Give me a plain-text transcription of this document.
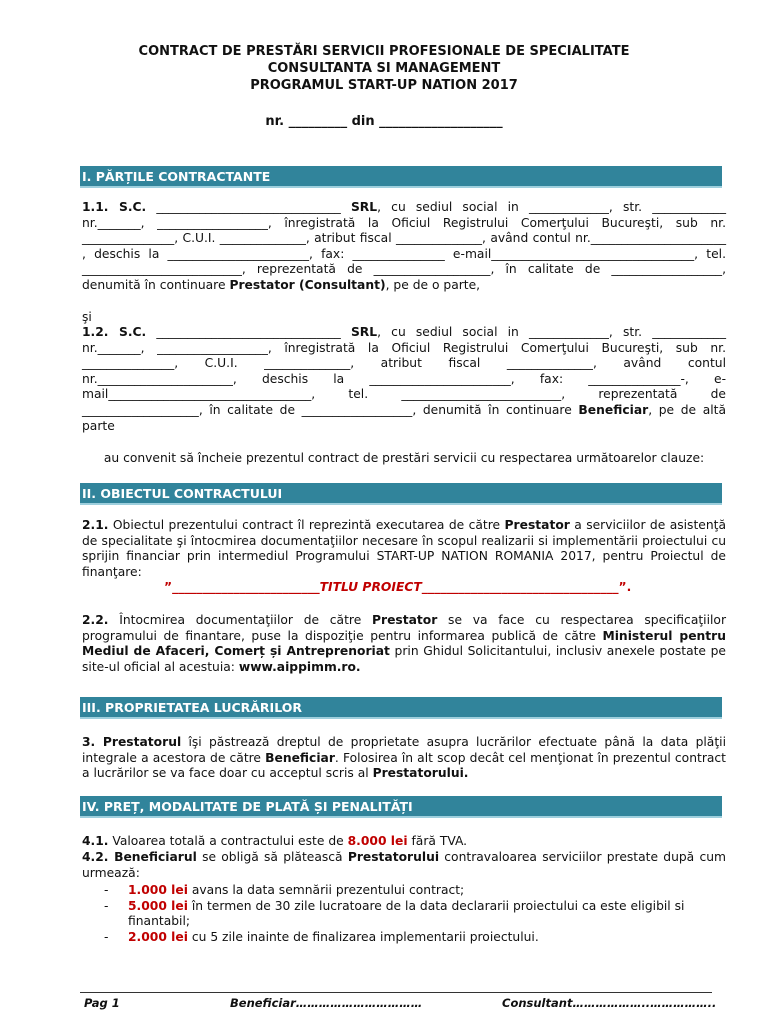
CONTRACT DE PRESTĂRI SERVICII PROFESIONALE DE SPECIALITATE
CONSULTANTA SI MANAGEMENT
PROGRAMUL START-UP NATION 2017
nr. _________ din ___________________
I. PĂRȚILE CONTRACTANTE
1.1. S.C. ______________________________ SRL, cu sediul social in _____________, str. ____________ nr._______, __________________, înregistrată la Oficiul Registrului Comerţului Bucureşti, sub nr. _______________, C.U.I. ______________, atribut fiscal ______________, având contul nr.______________________ , deschis la _______________________, fax: _______________ e-mail_________________________________, tel. __________________________, reprezentată de ___________________, în calitate de __________________, denumită în continuare Prestator (Consultant), pe de o parte,
şi
1.2. S.C. ______________________________ SRL, cu sediul social in _____________, str. ____________ nr._______, __________________, înregistrată la Oficiul Registrului Comerţului Bucureşti, sub nr. _______________, C.U.I. ______________, atribut fiscal ______________, având contul nr.______________________, deschis la _______________________, fax: _______________-, e-mail_________________________________, tel. __________________________, reprezentată de ___________________, în calitate de __________________, denumită în continuare Beneficiar, pe de altă parte
au convenit să încheie prezentul contract de prestări servicii cu respectarea următoarelor clauze:
II. OBIECTUL CONTRACTULUI
2.1. Obiectul prezentului contract îl reprezintă executarea de către Prestator a serviciilor de asistenţă de specialitate şi întocmirea documentaţiilor necesare în scopul realizarii si implementării proiectului cu sprijin financiar prin intermediul Programului START-UP NATION ROMANIA 2017, pentru Proiectul de finanţare:
”________________________TITLU PROIECT________________________________”.
2.2. Întocmirea documentaţiilor de către Prestator se va face cu respectarea specificaţiilor programului de finantare, puse la dispoziţie pentru informarea publică de către Ministerul pentru Mediul de Afaceri, Comerț și Antreprenoriat prin Ghidul Solicitantului, inclusiv anexele postate pe site-ul oficial al acestuia: www.aippimm.ro.
III. PROPRIETATEA LUCRĂRILOR
3. Prestatorul îşi păstrează dreptul de proprietate asupra lucrărilor efectuate până la data plăţii integrale a acestora de către Beneficiar. Folosirea în alt scop decât cel menţionat în prezentul contract a lucrărilor se va face doar cu acceptul scris al Prestatorului.
IV. PREȚ, MODALITATE DE PLATĂ ȘI PENALITĂȚI
4.1. Valoarea totală a contractului este de 8.000 lei fără TVA.
4.2. Beneficiarul se obligă să plătească Prestatorului contravaloarea serviciilor prestate după cum urmează:
-	1.000 lei avans la data semnării prezentului contract;
-	5.000 lei în termen de 30 zile lucratoare de la data declararii proiectului ca este eligibil si finantabil;
-	2.000 lei cu 5 zile inainte de finalizarea implementarii proiectului.
Pag 1	Beneficiar……………………………	Consultant………………..……………..
